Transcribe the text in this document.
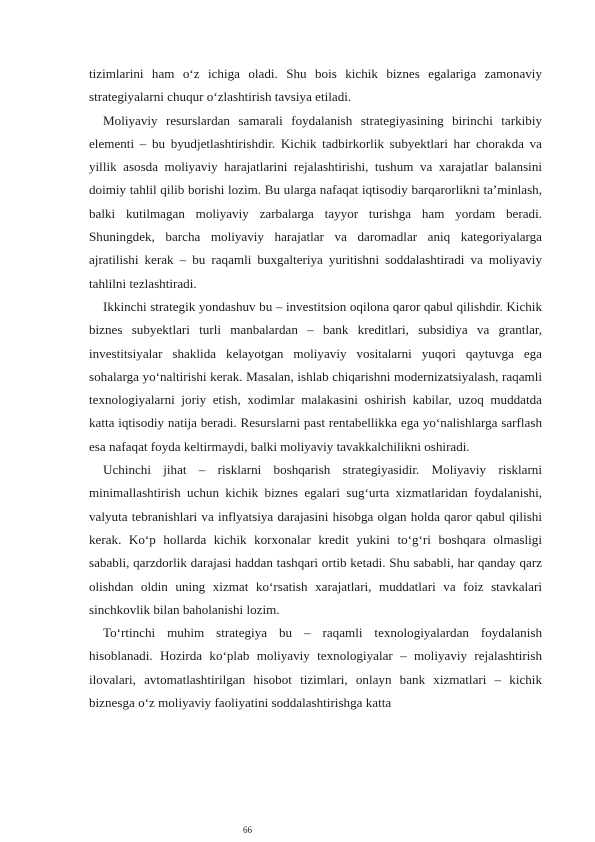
tizimlarini ham o‘z ichiga oladi. Shu bois kichik biznes egalariga zamonaviy strategiyalarni chuqur o‘zlashtirish tavsiya etiladi.

Moliyaviy resurslardan samarali foydalanish strategiyasining birinchi tarkibiy elementi – bu byudjetlashtirishdir. Kichik tadbirkorlik subyektlari har chorakda va yillik asosda moliyaviy harajatlarini rejalashtirishi, tushum va xarajatlar balansini doimiy tahlil qilib borishi lozim. Bu ularga nafaqat iqtisodiy barqarorlikni ta’minlash, balki kutilmagan moliyaviy zarbalarga tayyor turishga ham yordam beradi. Shuningdek, barcha moliyaviy harajatlar va daromadlar aniq kategoriyalarga ajratilishi kerak – bu raqamli buxgalteriya yuritishni soddalashtiradi va moliyaviy tahlilni tezlashtiradi.

Ikkinchi strategik yondashuv bu – investitsion oqilona qaror qabul qilishdir. Kichik biznes subyektlari turli manbalardan – bank kreditlari, subsidiya va grantlar, investitsiyalar shaklida kelayotgan moliyaviy vositalarni yuqori qaytuvga ega sohalarga yo‘naltirishi kerak. Masalan, ishlab chiqarishni modernizatsiyalash, raqamli texnologiyalarni joriy etish, xodimlar malakasini oshirish kabilar, uzoq muddatda katta iqtisodiy natija beradi. Resurslarni past rentabellikka ega yo‘nalishlarga sarflash esa nafaqat foyda keltirmaydi, balki moliyaviy tavakkalchilikni oshiradi.

Uchinchi jihat – risklarni boshqarish strategiyasidir. Moliyaviy risklarni minimallashtirish uchun kichik biznes egalari sug‘urta xizmatlaridan foydalanishi, valyuta tebranishlari va inflyatsiya darajasini hisobga olgan holda qaror qabul qilishi kerak. Ko‘p hollarda kichik korxonalar kredit yukini to‘g‘ri boshqara olmasligi sababli, qarzdorlik darajasi haddan tashqari ortib ketadi. Shu sababli, har qanday qarz olishdan oldin uning xizmat ko‘rsatish xarajatlari, muddatlari va foiz stavkalari sinchkovlik bilan baholanishi lozim.

To‘rtinchi muhim strategiya bu – raqamli texnologiyalardan foydalanish hisoblanadi. Hozirda ko‘plab moliyaviy texnologiyalar – moliyaviy rejalashtirish ilovalari, avtomatlashtirilgan hisobot tizimlari, onlayn bank xizmatlari – kichik biznesga o‘z moliyaviy faoliyatini soddalashtirishga katta

66
